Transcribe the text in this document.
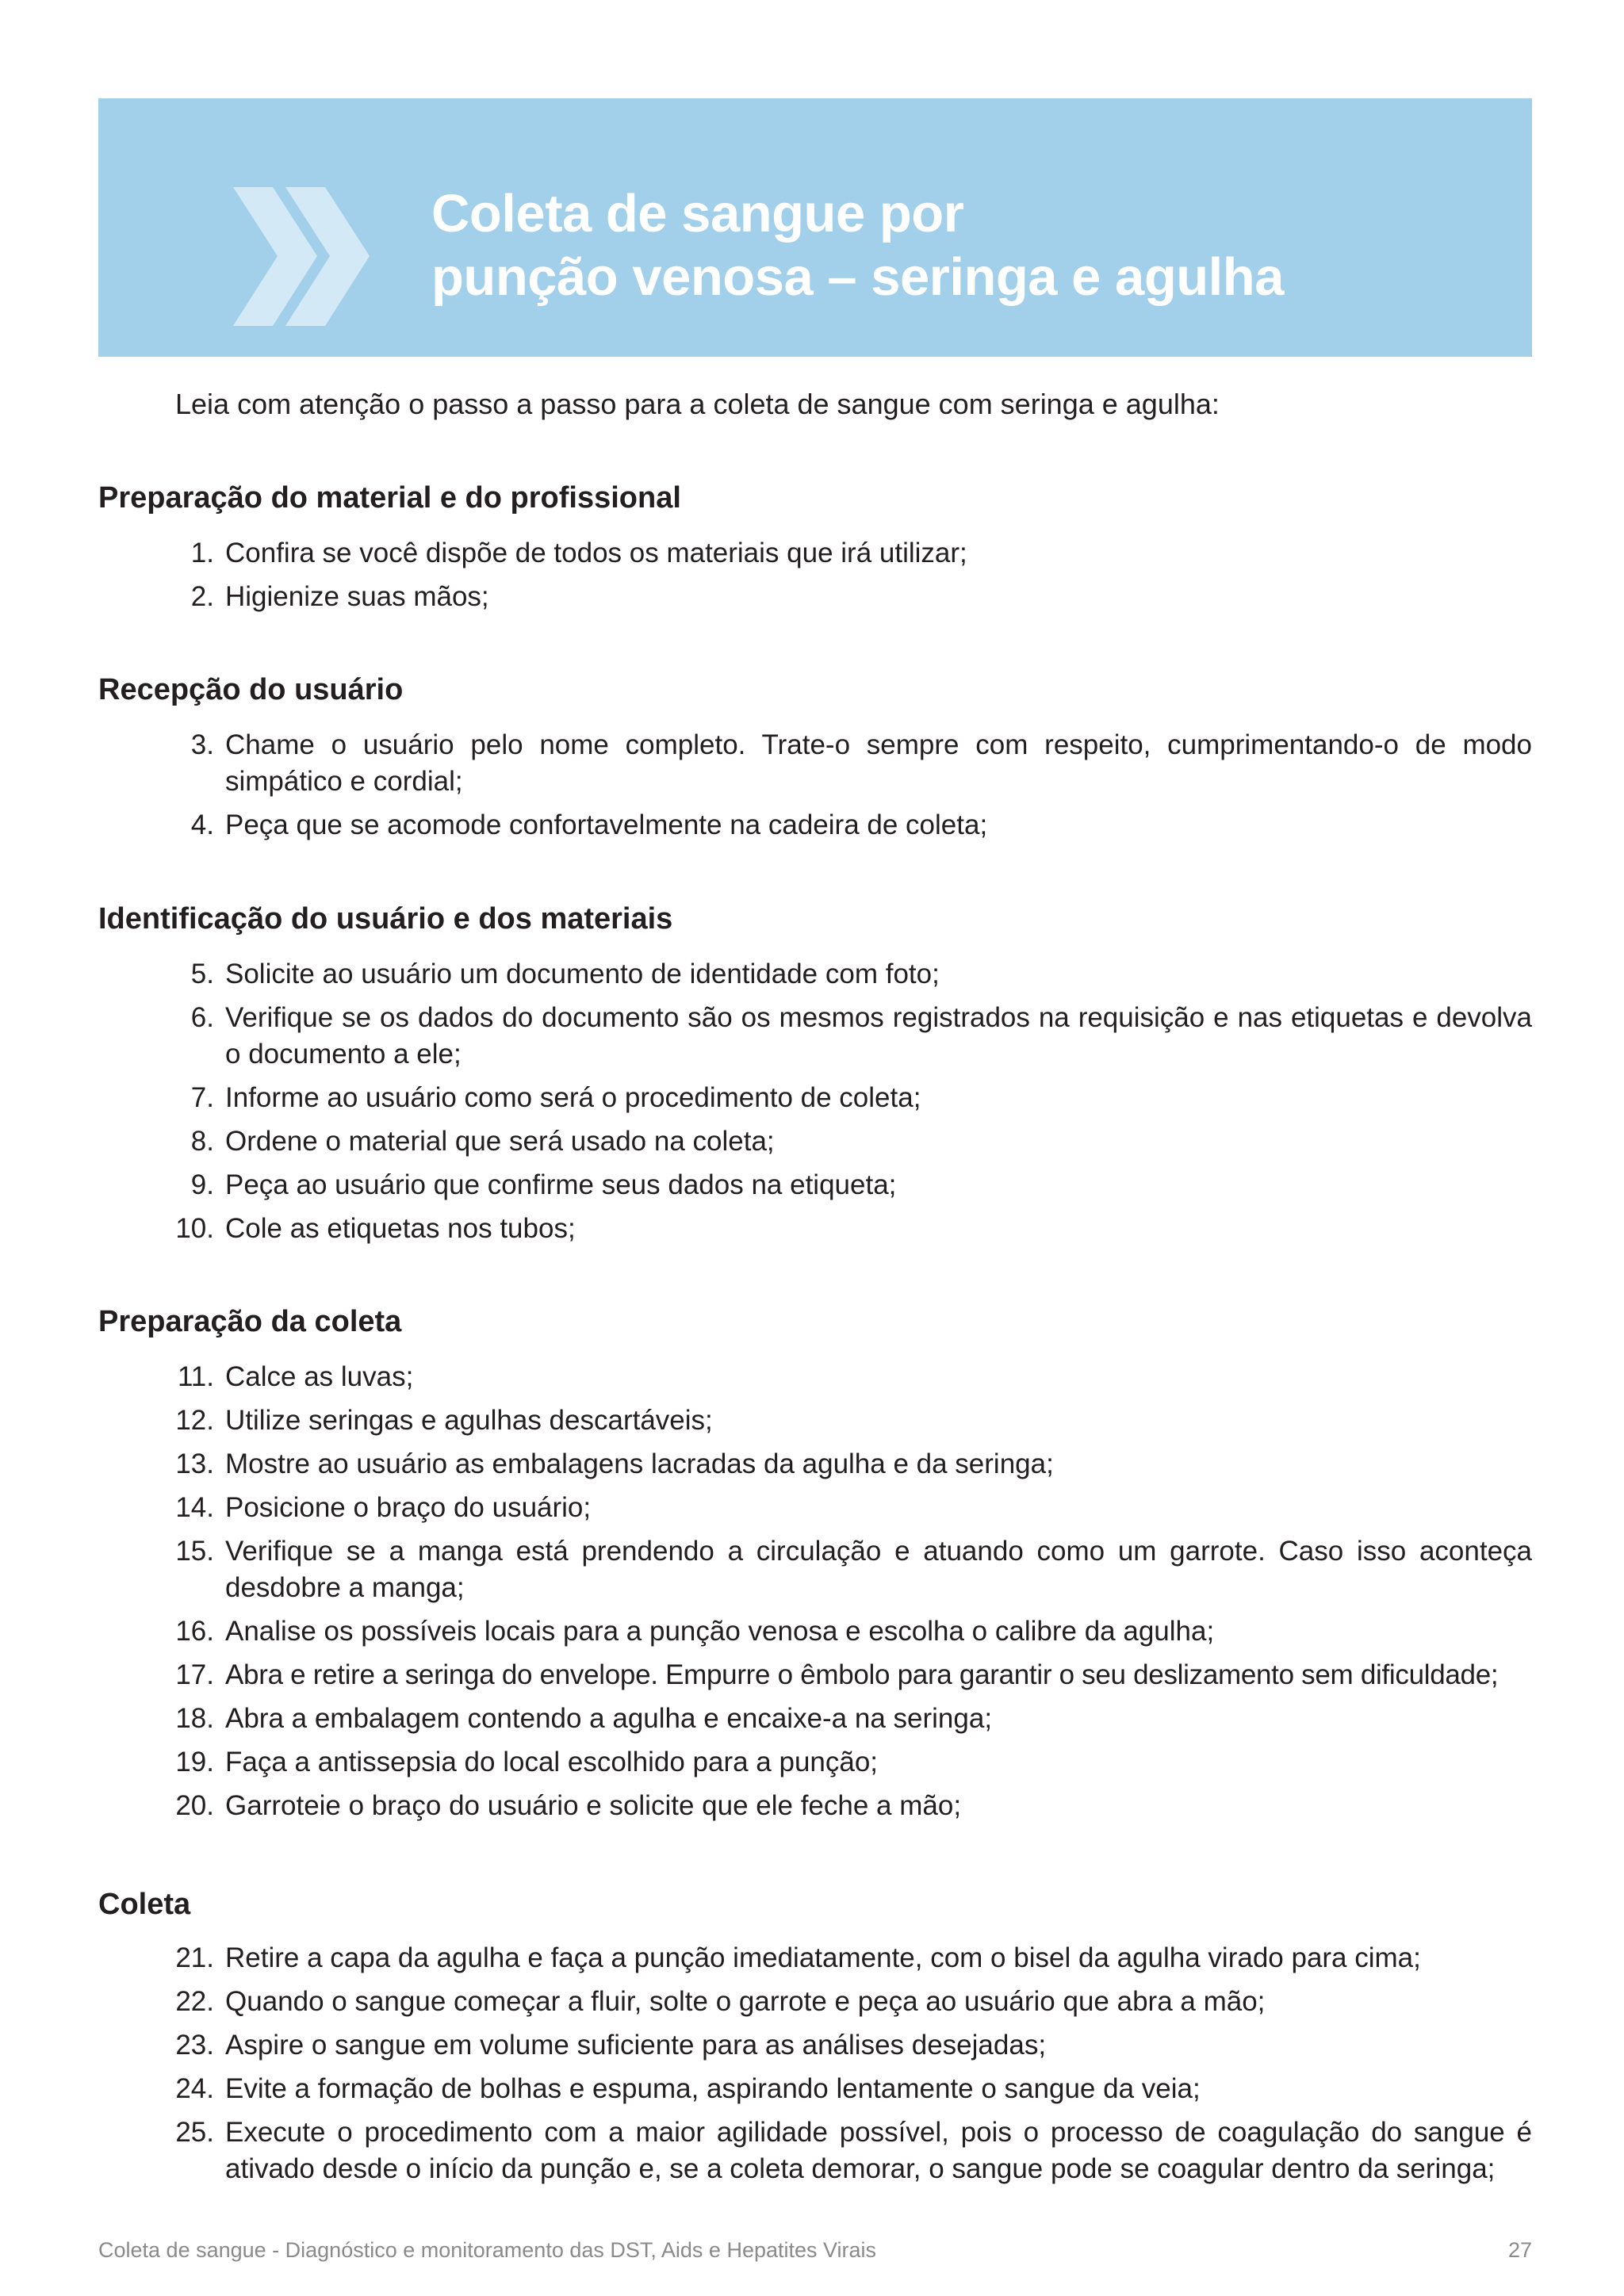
Coleta de sangue por
punção venosa – seringa e agulha

Leia com atenção o passo a passo para a coleta de sangue com seringa e agulha:

Preparação do material e do profissional
1. Confira se você dispõe de todos os materiais que irá utilizar;
2. Higienize suas mãos;
Recepção do usuário
3. Chame o usuário pelo nome completo. Trate-o sempre com respeito, cumprimentando-o de modo simpático e cordial;
4. Peça que se acomode confortavelmente na cadeira de coleta;
Identificação do usuário e dos materiais
5. Solicite ao usuário um documento de identidade com foto;
6. Verifique se os dados do documento são os mesmos registrados na requisição e nas etiquetas e devolva o documento a ele;
7. Informe ao usuário como será o procedimento de coleta;
8. Ordene o material que será usado na coleta;
9. Peça ao usuário que confirme seus dados na etiqueta;
10. Cole as etiquetas nos tubos;
Preparação da coleta
11. Calce as luvas;
12. Utilize seringas e agulhas descartáveis;
13. Mostre ao usuário as embalagens lacradas da agulha e da seringa;
14. Posicione o braço do usuário;
15. Verifique se a manga está prendendo a circulação e atuando como um garrote. Caso isso aconteça desdobre a manga;
16. Analise os possíveis locais para a punção venosa e escolha o calibre da agulha;
17. Abra e retire a seringa do envelope. Empurre o êmbolo para garantir o seu deslizamento sem dificuldade;
18. Abra a embalagem contendo a agulha e encaixe-a na seringa;
19. Faça a antissepsia do local escolhido para a punção;
20. Garroteie o braço do usuário e solicite que ele feche a mão;
Coleta
21. Retire a capa da agulha e faça a punção imediatamente, com o bisel da agulha virado para cima;
22. Quando o sangue começar a fluir, solte o garrote e peça ao usuário que abra a mão;
23. Aspire o sangue em volume suficiente para as análises desejadas;
24. Evite a formação de bolhas e espuma, aspirando lentamente o sangue da veia;
25. Execute o procedimento com a maior agilidade possível, pois o processo de coagulação do sangue é ativado desde o início da punção e, se a coleta demorar, o sangue pode se coagular dentro da seringa;

Coleta de sangue - Diagnóstico e monitoramento das DST, Aids e Hepatites Virais	27
